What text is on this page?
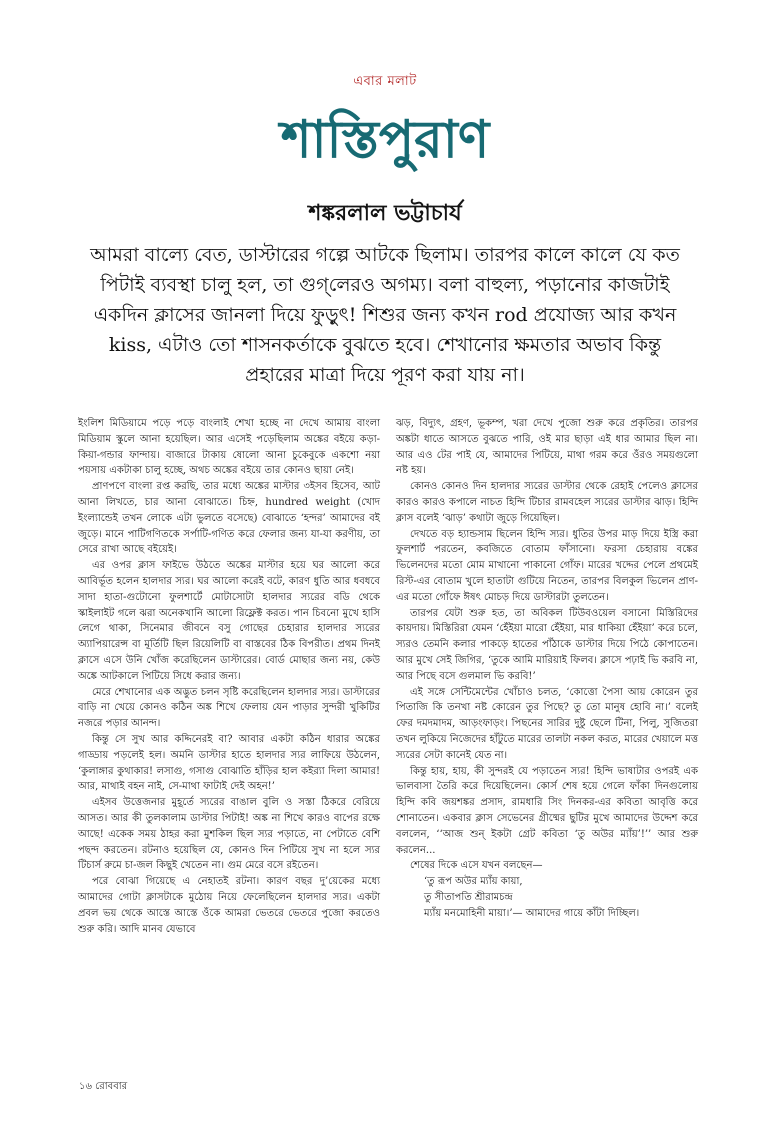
এবার মলাট
শাস্তিপুরাণ
শঙ্করলাল ভট্টাচার্য
আমরা বাল্যে বেত, ডাস্টারের গল্পে আটকে ছিলাম। তারপর কালে কালে যে কত পিটাই ব্যবস্থা চালু হল, তা গুগ্‌লেরও অগম্য। বলা বাহুল্য, পড়ানোর কাজটাই একদিন ক্লাসের জানলা দিয়ে ফুড়ুৎ! শিশুর জন্য কখন rod প্রযোজ্য আর কখন kiss, এটাও তো শাসনকর্তাকে বুঝতে হবে। শেখানোর ক্ষমতার অভাব কিন্তু প্রহারের মাত্রা দিয়ে পূরণ করা যায় না।

ইংলিশ মিডিয়ামে পড়ে পড়ে বাংলাই শেখা হচ্ছে না দেখে আমায় বাংলা মিডিয়াম স্কুলে আনা হয়েছিল। আর এসেই পড়েছিলাম অঙ্কের বইয়ে কড়া-কিয়া-গন্ডার ফান্দায়। বাজারে টাকায় ষোলো আনা চুকেবুকে একশো নয়া পয়সায় একটাকা চালু হচ্ছে, অথচ অঙ্কের বইয়ে তার কোনও ছায়া নেই।

প্রাণপণে বাংলা রপ্ত করছি, তার মধ্যে অঙ্কের মাস্টার ৩ইসব হিসেব, আট আনা লিখতে, চার আনা বোঝাতে। চিহ্ন, hundred weight (খোদ ইংল্যান্ডেই তখন লোকে এটা ভুলতে বসেছে) বোঝাতে ‘হন্দর’ আমাদের বই জুড়ে। মানে পাটিগণিতকে সর্পাটি-গণিত করে ফেলার জন্য যা-যা করণীয়, তা সেরে রাখা আছে বইয়েই।

এর ওপর ক্লাস ফাইভে উঠতে অঙ্কের মাস্টার হয়ে ঘর আলো করে আবির্ভূত হলেন হালদার স্যর। ঘর আলো করেই বটে, কারণ ধুতি আর ধবধবে সাদা হাতা-গুটোনো ফুলশার্টে মোটাসোটা হালদার স্যরের বডি থেকে স্কাইলাইট গলে ঝরা অনেকখানি আলো রিফ্লেক্ট করত। পান চিবনো মুখে হাসি লেগে থাকা, সিনেমার জীবনে বসু গোছের চেহারার হালদার স্যরের অ্যাপিয়ারেন্স বা মূর্তিটি ছিল রিয়েলিটি বা বাস্তবের ঠিক বিপরীত। প্রথম দিনই ক্লাসে এসে উনি খোঁজ করেছিলেন ডাস্টারের। বোর্ড মোছার জন্য নয়, কেউ অঙ্কে আটকালে পিটিয়ে সিধে করার জন্য।

মেরে শেখানোর এক অদ্ভুত চলন সৃষ্টি করেছিলেন হালদার স্যর। ডাস্টারের বাড়ি না খেয়ে কোনও কঠিন অঙ্ক শিখে ফেলায় যেন পাড়ার সুন্দরী খুকিটির নজরে পড়ার আনন্দ।

কিন্তু সে সুখ আর কদ্দিনেরই বা? আবার একটা কঠিন ধারার অঙ্কের গাড্ডায় পড়লেই হল। অমনি ডাস্টার হাতে হালদার স্যর লাফিয়ে উঠলেন, ‘কুলাঙ্গার কুথাকার! লসাগু, গসাগু বোঝাতি হাঁড়ির হাল কইর‍্যা দিলা আমার! আর, মাথাই বহন নাই, সে-মাথা ফাটাই দেই অহন!’

এইসব উত্তেজনার মুহূর্তে স্যরের বাঙাল বুলি ও সস্তা ঠিকরে বেরিয়ে আসত। আর কী তুলকালাম ডাস্টার পিটাই! অঙ্ক না শিখে কারও বাপের রক্ষে আছে! একেক সময় ঠাহর করা মুশকিল ছিল স্যর পড়াতে, না পেটাতে বেশি পছন্দ করতেন। রটনাও হয়েছিল যে, কোনও দিন পিটিয়ে সুখ না হলে স্যর টিচার্স রুমে চা-জল কিছুই খেতেন না। গুম মেরে বসে রইতেন।

পরে বোঝা গিয়েছে এ নেহাতই রটনা। কারণ বছর দু’য়েকের মধ্যে আমাদের গোটা ক্লাসটাকে মুঠোয় নিয়ে ফেলেছিলেন হালদার স্যর। একটা প্রবল ভয় থেকে আস্তে আস্তে ওঁকে আমরা ভেতরে ভেতরে পুজো করতেও শুরু করি। আদি মানব যেভাবে

ঝড়, বিদ্যুৎ, গ্রহণ, ভূকম্প, খরা দেখে পুজো শুরু করে প্রকৃতির। তারপর অঙ্কটা ধাতে আসতে বুঝতে পারি, ওই মার ছাড়া এই ধার আমার ছিল না। আর এও টের পাই যে, আমাদের পিটিয়ে, মাথা গরম করে ওঁরও সময়গুলো নষ্ট হয়।

কোনও কোনও দিন হালদার স্যরের ডাস্টার থেকে রেহাই পেলেও ক্লাসের কারও কারও কপালে নাচত হিন্দি টিচার রামবহেল স্যরের ডাস্টার ঝাড়। হিন্দি ক্লাস বলেই ‘ঝাড়’ কথাটা জুড়ে গিয়েছিল।

দেখতে বড় হ্যান্ডসাম ছিলেন হিন্দি স্যর। ধুতির উপর মাড় দিয়ে ইস্ত্রি করা ফুলশার্ট পরতেন, কবজিতে বোতাম ফাঁসানো। ফরসা চেহারায় বঙ্কের ভিলেনদের মতো মোম মাখানো পাকানো গোঁফ। মারের খদ্দের পেলে প্রথমেই রিস্ট-এর বোতাম খুলে হাতাটা গুটিয়ে নিতেন, তারপর বিলকুল ভিলেন প্রাণ-এর মতো গোঁফে ঈষৎ মোচড় দিয়ে ডাস্টারটা তুলতেন।

তারপর যেটা শুরু হত, তা অবিকল টিউবওয়েল বসানো মিস্তিরিদের কায়দায়। মিস্তিরিরা যেমন ‘হেঁইয়া মারো হেঁইয়া, মার ধাকিয়া হেঁইয়া’ করে চলে, স্যরও তেমনি কলার পাকড়ে হাতের পাঁঠাকে ডাস্টার দিয়ে পিঠে কোপাতেন। আর মুখে সেই জিগির, ‘তুকে আমি মারিয়াই ফিলব। ক্লাসে পঢ়াই ভি করবি না, আর পিছে বসে গুলমাল ভি করবি!’

এই সঙ্গে সেন্টিমেন্টের খোঁচাও চলত, ‘কোত্তো পৈসা আয় কোরেন তুর পিতাজি কি তনখা নষ্ট কোরেন তুর পিছে? তু তো মানুষ হোবি না।’ বলেই ফের দমদমাদম, আড়ংফাড়ং। পিছনের সারির দুষ্টু ছেলে টিনা, পিলু, সুজিতরা তখন লুকিয়ে নিজেদের হাঁটুতে মারের তালটা নকল করত, মারের খেয়ালে মত্ত স্যরের সেটা কানেই যেত না।

কিন্তু হায়, হায়, কী সুন্দরই যে পড়াতেন স্যর! হিন্দি ভাষাটার ওপরই এক ভালবাসা তৈরি করে দিয়েছিলেন। কোর্স শেষ হয়ে গেলে ফাঁকা দিনগুলোয় হিন্দি কবি জয়শঙ্কর প্রসাদ, রামধারি সিং দিনকর-এর কবিতা আবৃত্তি করে শোনাতেন। একবার ক্লাস সেভেনের গ্রীষ্মের ছুটির মুখে আমাদের উদ্দেশ করে বললেন, ‘‘আজ শুন্‌ ইকটা গ্রেট কবিতা ‘তু অউর ম্যাঁয়’!’’ আর শুরু করলেন...

শেষের দিকে এসে যখন বলছেন—

‘তু রূপ অউর ম্যাঁয় কায়া,

তু সীতাপতি শ্রীরামচন্দ্র

ম্যাঁয় মনমোহিনী মায়া।’— আমাদের গায়ে কাঁটা দিচ্ছিল।

১৬ রোববার
